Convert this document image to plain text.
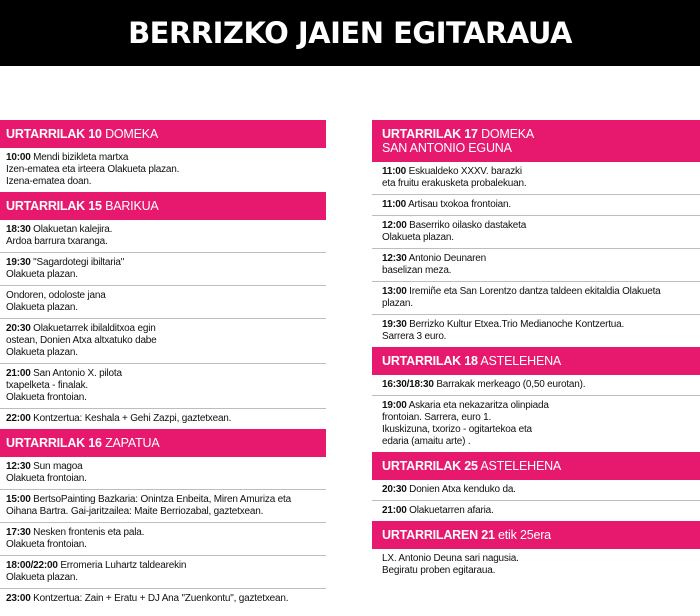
BERRIZKO JAIEN EGITARAUA
URTARRILAK 10 DOMEKA
10:00 Mendi bizikleta martxa
Izen-ematea eta irteera Olakueta plazan.
Izena-ematea doan.
URTARRILAK 15 BARIKUA
18:30 Olakuetan kalejira.
Ardoa barrura txaranga.
19:30 "Sagardotegi ibiltaria"
Olakueta plazan.
Ondoren, odoloste jana
Olakueta plazan.
20:30 Olakuetarrek ibilalditxoa egin
ostean, Donien Atxa altxatuko dabe
Olakueta plazan.
21:00 San Antonio X. pilota
txapelketa - finalak.
Olakueta frontoian.
22:00 Kontzertua: Keshala + Gehi Zazpi, gaztetxean.
URTARRILAK 16 ZAPATUA
12:30 Sun magoa
Olakueta frontoian.
15:00 BertsoPainting Bazkaria: Onintza Enbeita, Miren Amuriza eta
Oihana Bartra. Gai-jaritzailea: Maite Berriozabal, gaztetxean.
17:30 Nesken frontenis eta pala.
Olakueta frontoian.
18:00/22:00 Erromeria Luhartz taldearekin
Olakueta plazan.
23:00 Kontzertua: Zain + Eratu + DJ Ana "Zuenkontu", gaztetxean.
URTARRILAK 17 DOMEKA
SAN ANTONIO EGUNA
11:00 Eskualdeko XXXV. barazki
eta fruitu erakusketa probalekuan.
11:00 Artisau txokoa frontoian.
12:00 Baserriko oilasko dastaketa
Olakueta plazan.
12:30 Antonio Deunaren
baselizan meza.
13:00 Iremiñe eta San Lorentzo dantza taldeen ekitaldia Olakueta
plazan.
19:30 Berrizko Kultur Etxea.Trio Medianoche Kontzertua.
Sarrera 3 euro.
URTARRILAK 18 ASTELEHENA
16:30/18:30 Barrakak merkeago (0,50 eurotan).
19:00 Askaria eta nekazaritza olinpiada
frontoian. Sarrera, euro 1.
Ikuskizuna, txorizo - ogitartekoa eta
edaria (amaitu arte) .
URTARRILAK 25 ASTELEHENA
20:30 Donien Atxa kenduko da.
21:00 Olakuetarren afaria.
URTARRILAREN 21 etik 25era
LX. Antonio Deuna sari nagusia.
Begiratu proben egitaraua.
